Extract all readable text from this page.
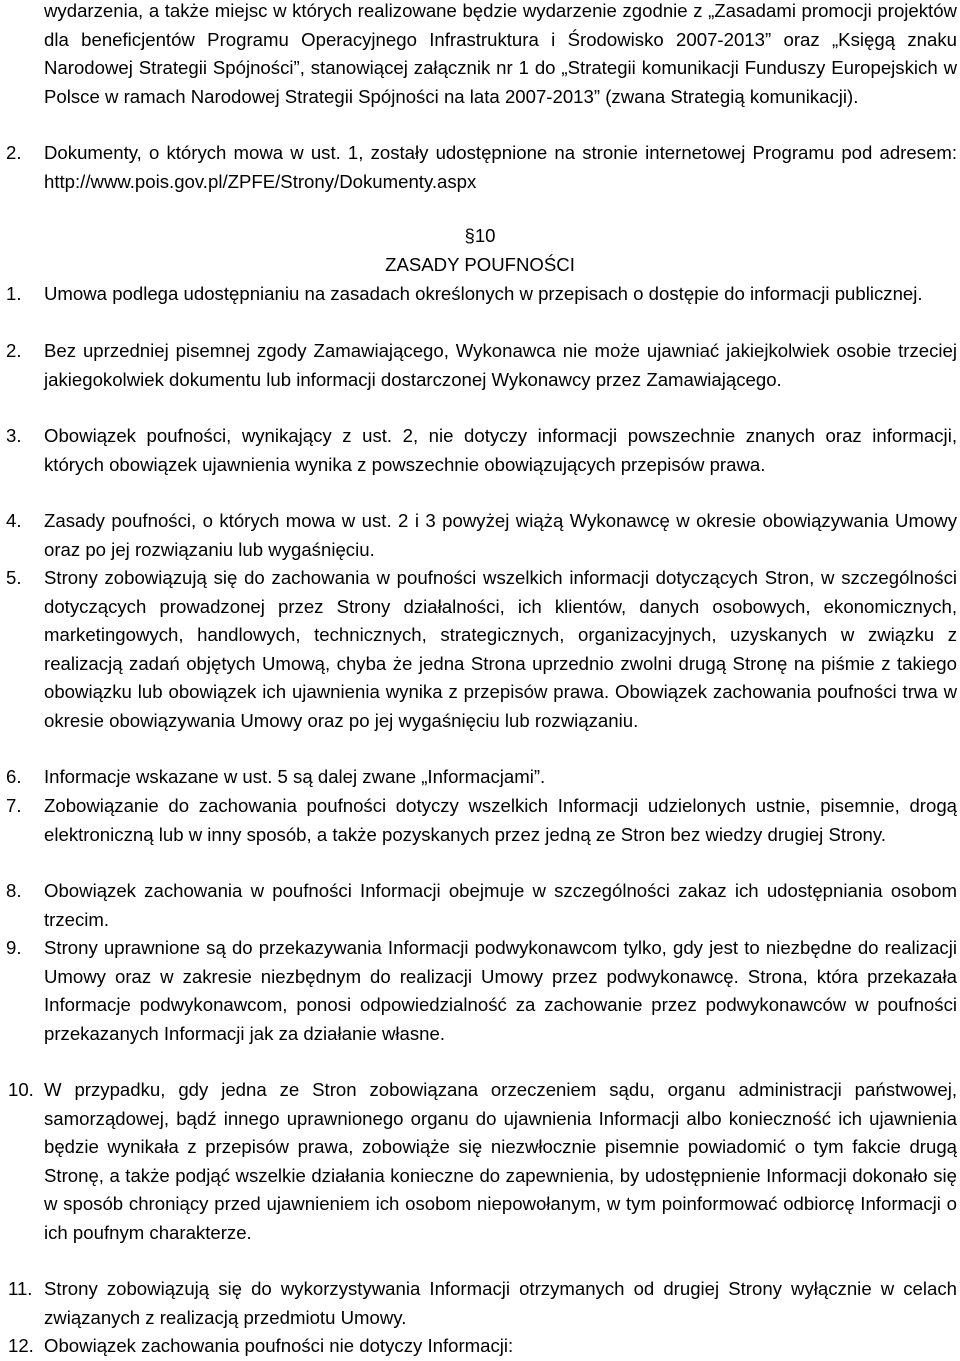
wydarzenia, a także miejsc w których realizowane będzie wydarzenie zgodnie z „Zasadami promocji projektów dla beneficjentów Programu Operacyjnego Infrastruktura i Środowisko 2007-2013” oraz „Księgą znaku Narodowej Strategii Spójności”, stanowiącej załącznik nr 1 do „Strategii komunikacji Funduszy Europejskich w Polsce w ramach Narodowej Strategii Spójności na lata 2007-2013” (zwana Strategią komunikacji).

2. Dokumenty, o których mowa w ust. 1, zostały udostępnione na stronie internetowej Programu pod adresem: http://www.pois.gov.pl/ZPFE/Strony/Dokumenty.aspx
§10
ZASADY POUFNOŚCI
1. Umowa podlega udostępnianiu na zasadach określonych w przepisach o dostępie do informacji publicznej.
2. Bez uprzedniej pisemnej zgody Zamawiającego, Wykonawca nie może ujawniać jakiejkolwiek osobie trzeciej jakiegokolwiek dokumentu lub informacji dostarczonej Wykonawcy przez Zamawiającego.
3. Obowiązek poufności, wynikający z ust. 2, nie dotyczy informacji powszechnie znanych oraz informacji, których obowiązek ujawnienia wynika z powszechnie obowiązujących przepisów prawa.
4. Zasady poufności, o których mowa w ust. 2 i 3 powyżej wiążą Wykonawcę w okresie obowiązywania Umowy oraz po jej rozwiązaniu lub wygaśnięciu.
5. Strony zobowiązują się do zachowania w poufności wszelkich informacji dotyczących Stron, w szczególności dotyczących prowadzonej przez Strony działalności, ich klientów, danych osobowych, ekonomicznych, marketingowych, handlowych, technicznych, strategicznych, organizacyjnych, uzyskanych w związku z realizacją zadań objętych Umową, chyba że jedna Strona uprzednio zwolni drugą Stronę na piśmie z takiego obowiązku lub obowiązek ich ujawnienia wynika z przepisów prawa. Obowiązek zachowania poufności trwa w okresie obowiązywania Umowy oraz po jej wygaśnięciu lub rozwiązaniu.
6. Informacje wskazane w ust. 5 są dalej zwane „Informacjami”.
7. Zobowiązanie do zachowania poufności dotyczy wszelkich Informacji udzielonych ustnie, pisemnie, drogą elektroniczną lub w inny sposób, a także pozyskanych przez jedną ze Stron bez wiedzy drugiej Strony.
8. Obowiązek zachowania w poufności Informacji obejmuje w szczególności zakaz ich udostępniania osobom trzecim.
9. Strony uprawnione są do przekazywania Informacji podwykonawcom tylko, gdy jest to niezbędne do realizacji Umowy oraz w zakresie niezbędnym do realizacji Umowy przez podwykonawcę. Strona, która przekazała Informacje podwykonawcom, ponosi odpowiedzialność za zachowanie przez podwykonawców w poufności przekazanych Informacji jak za działanie własne.
10. W przypadku, gdy jedna ze Stron zobowiązana orzeczeniem sądu, organu administracji państwowej, samorządowej, bądź innego uprawnionego organu do ujawnienia Informacji albo konieczność ich ujawnienia będzie wynikała z przepisów prawa, zobowiąże się niezwłocznie pisemnie powiadomić o tym fakcie drugą Stronę, a także podjąć wszelkie działania konieczne do zapewnienia, by udostępnienie Informacji dokonało się w sposób chroniący przed ujawnieniem ich osobom niepowołanym, w tym poinformować odbiorcę Informacji o ich poufnym charakterze.
11. Strony zobowiązują się do wykorzystywania Informacji otrzymanych od drugiej Strony wyłącznie w celach związanych z realizacją przedmiotu Umowy.
12. Obowiązek zachowania poufności nie dotyczy Informacji:
